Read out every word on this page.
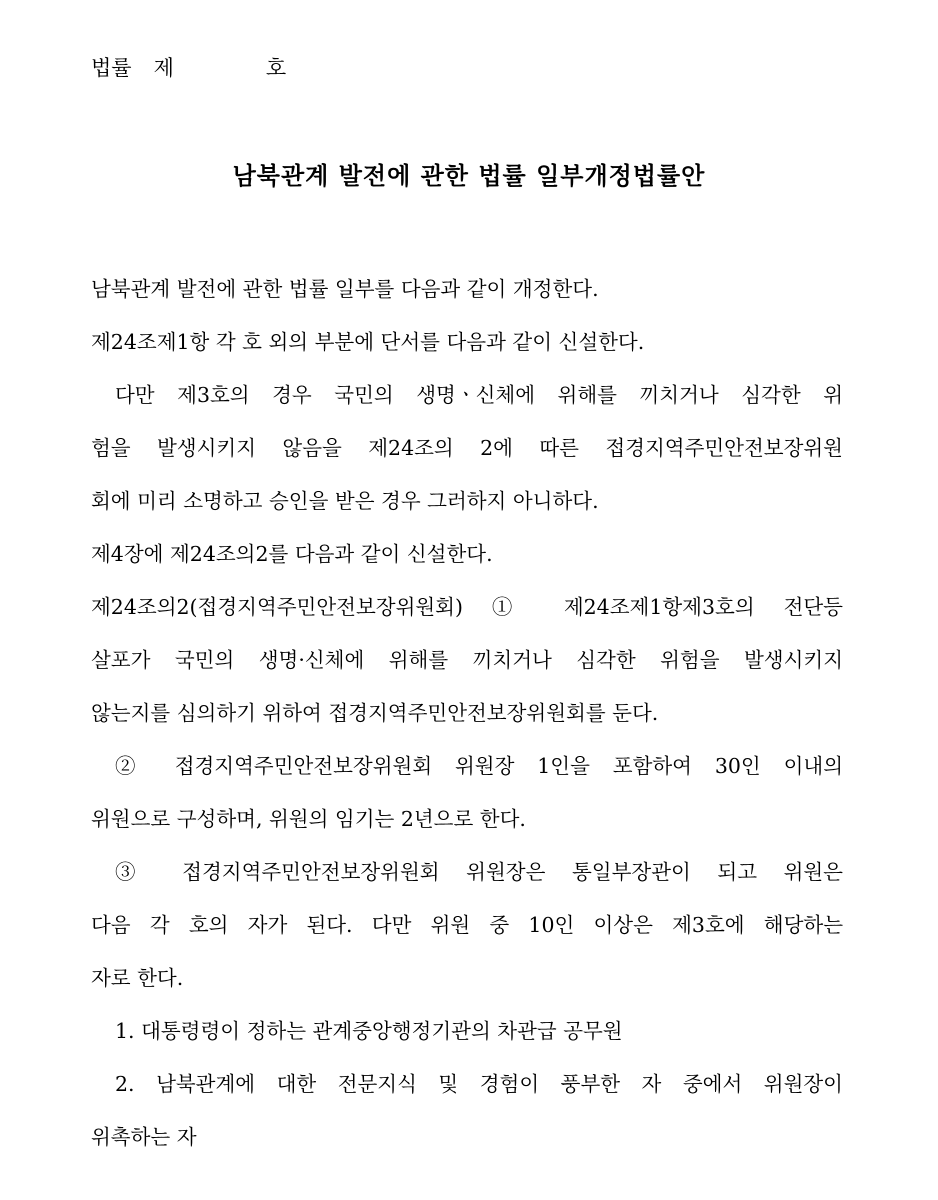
법률 제	호
남북관계 발전에 관한 법률 일부개정법률안
남북관계 발전에 관한 법률 일부를 다음과 같이 개정한다.
제24조제1항 각 호 외의 부분에 단서를 다음과 같이 신설한다.
다만 제3호의 경우 국민의 생명ㆍ신체에 위해를 끼치거나 심각한 위
험을 발생시키지 않음을 제24조의 2에 따른 접경지역주민안전보장위원
회에 미리 소명하고 승인을 받은 경우 그러하지 아니하다.
제4장에 제24조의2를 다음과 같이 신설한다.
제24조의2(접경지역주민안전보장위원회) ① 제24조제1항제3호의 전단등
살포가 국민의 생명·신체에 위해를 끼치거나 심각한 위험을 발생시키지
않는지를 심의하기 위하여 접경지역주민안전보장위원회를 둔다.
② 접경지역주민안전보장위원회 위원장 1인을 포함하여 30인 이내의
위원으로 구성하며, 위원의 임기는 2년으로 한다.
③ 접경지역주민안전보장위원회 위원장은 통일부장관이 되고 위원은
다음 각 호의 자가 된다. 다만 위원 중 10인 이상은 제3호에 해당하는
자로 한다.
1. 대통령령이 정하는 관계중앙행정기관의 차관급 공무원
2. 남북관계에 대한 전문지식 및 경험이 풍부한 자 중에서 위원장이
위촉하는 자
